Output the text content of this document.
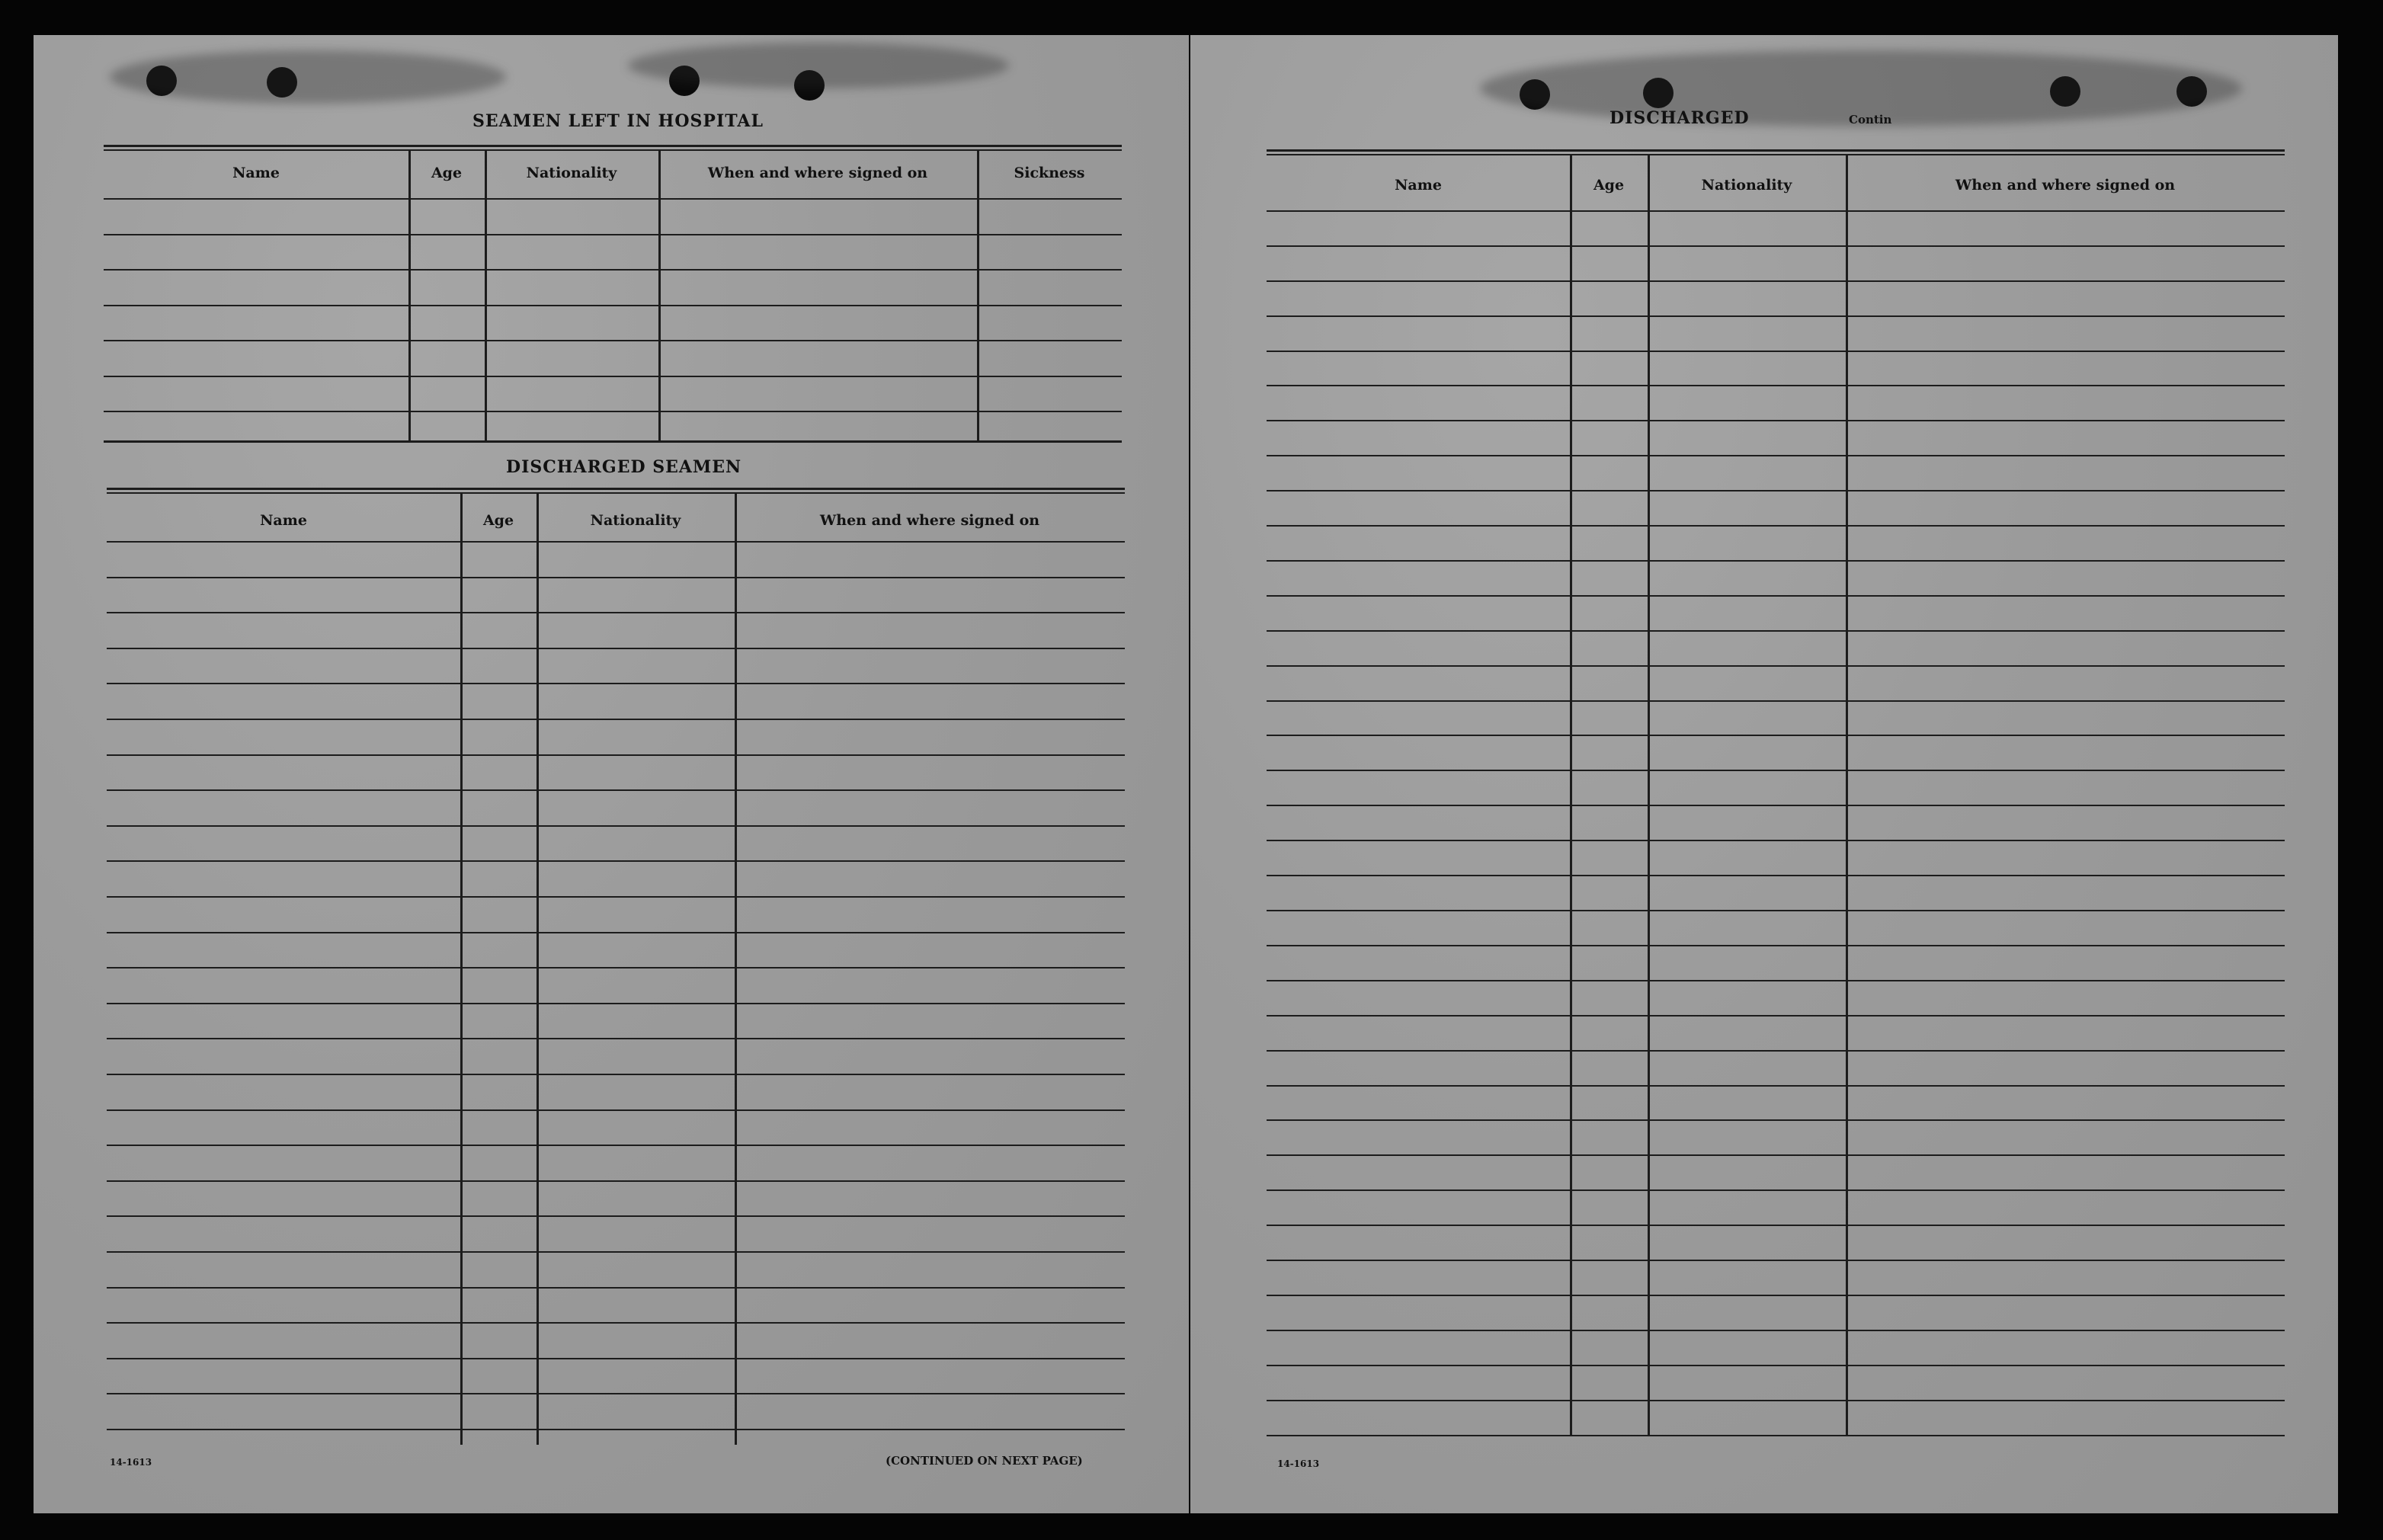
SEAMEN LEFT IN HOSPITAL
Name	Age	Nationality	When and where signed on	Sickness
DISCHARGED SEAMEN
Name	Age	Nationality	When and where signed on
14-1613	(CONTINUED ON NEXT PAGE)
DISCHARGED	Contin
Name	Age	Nationality	When and where signed on
14-1613
